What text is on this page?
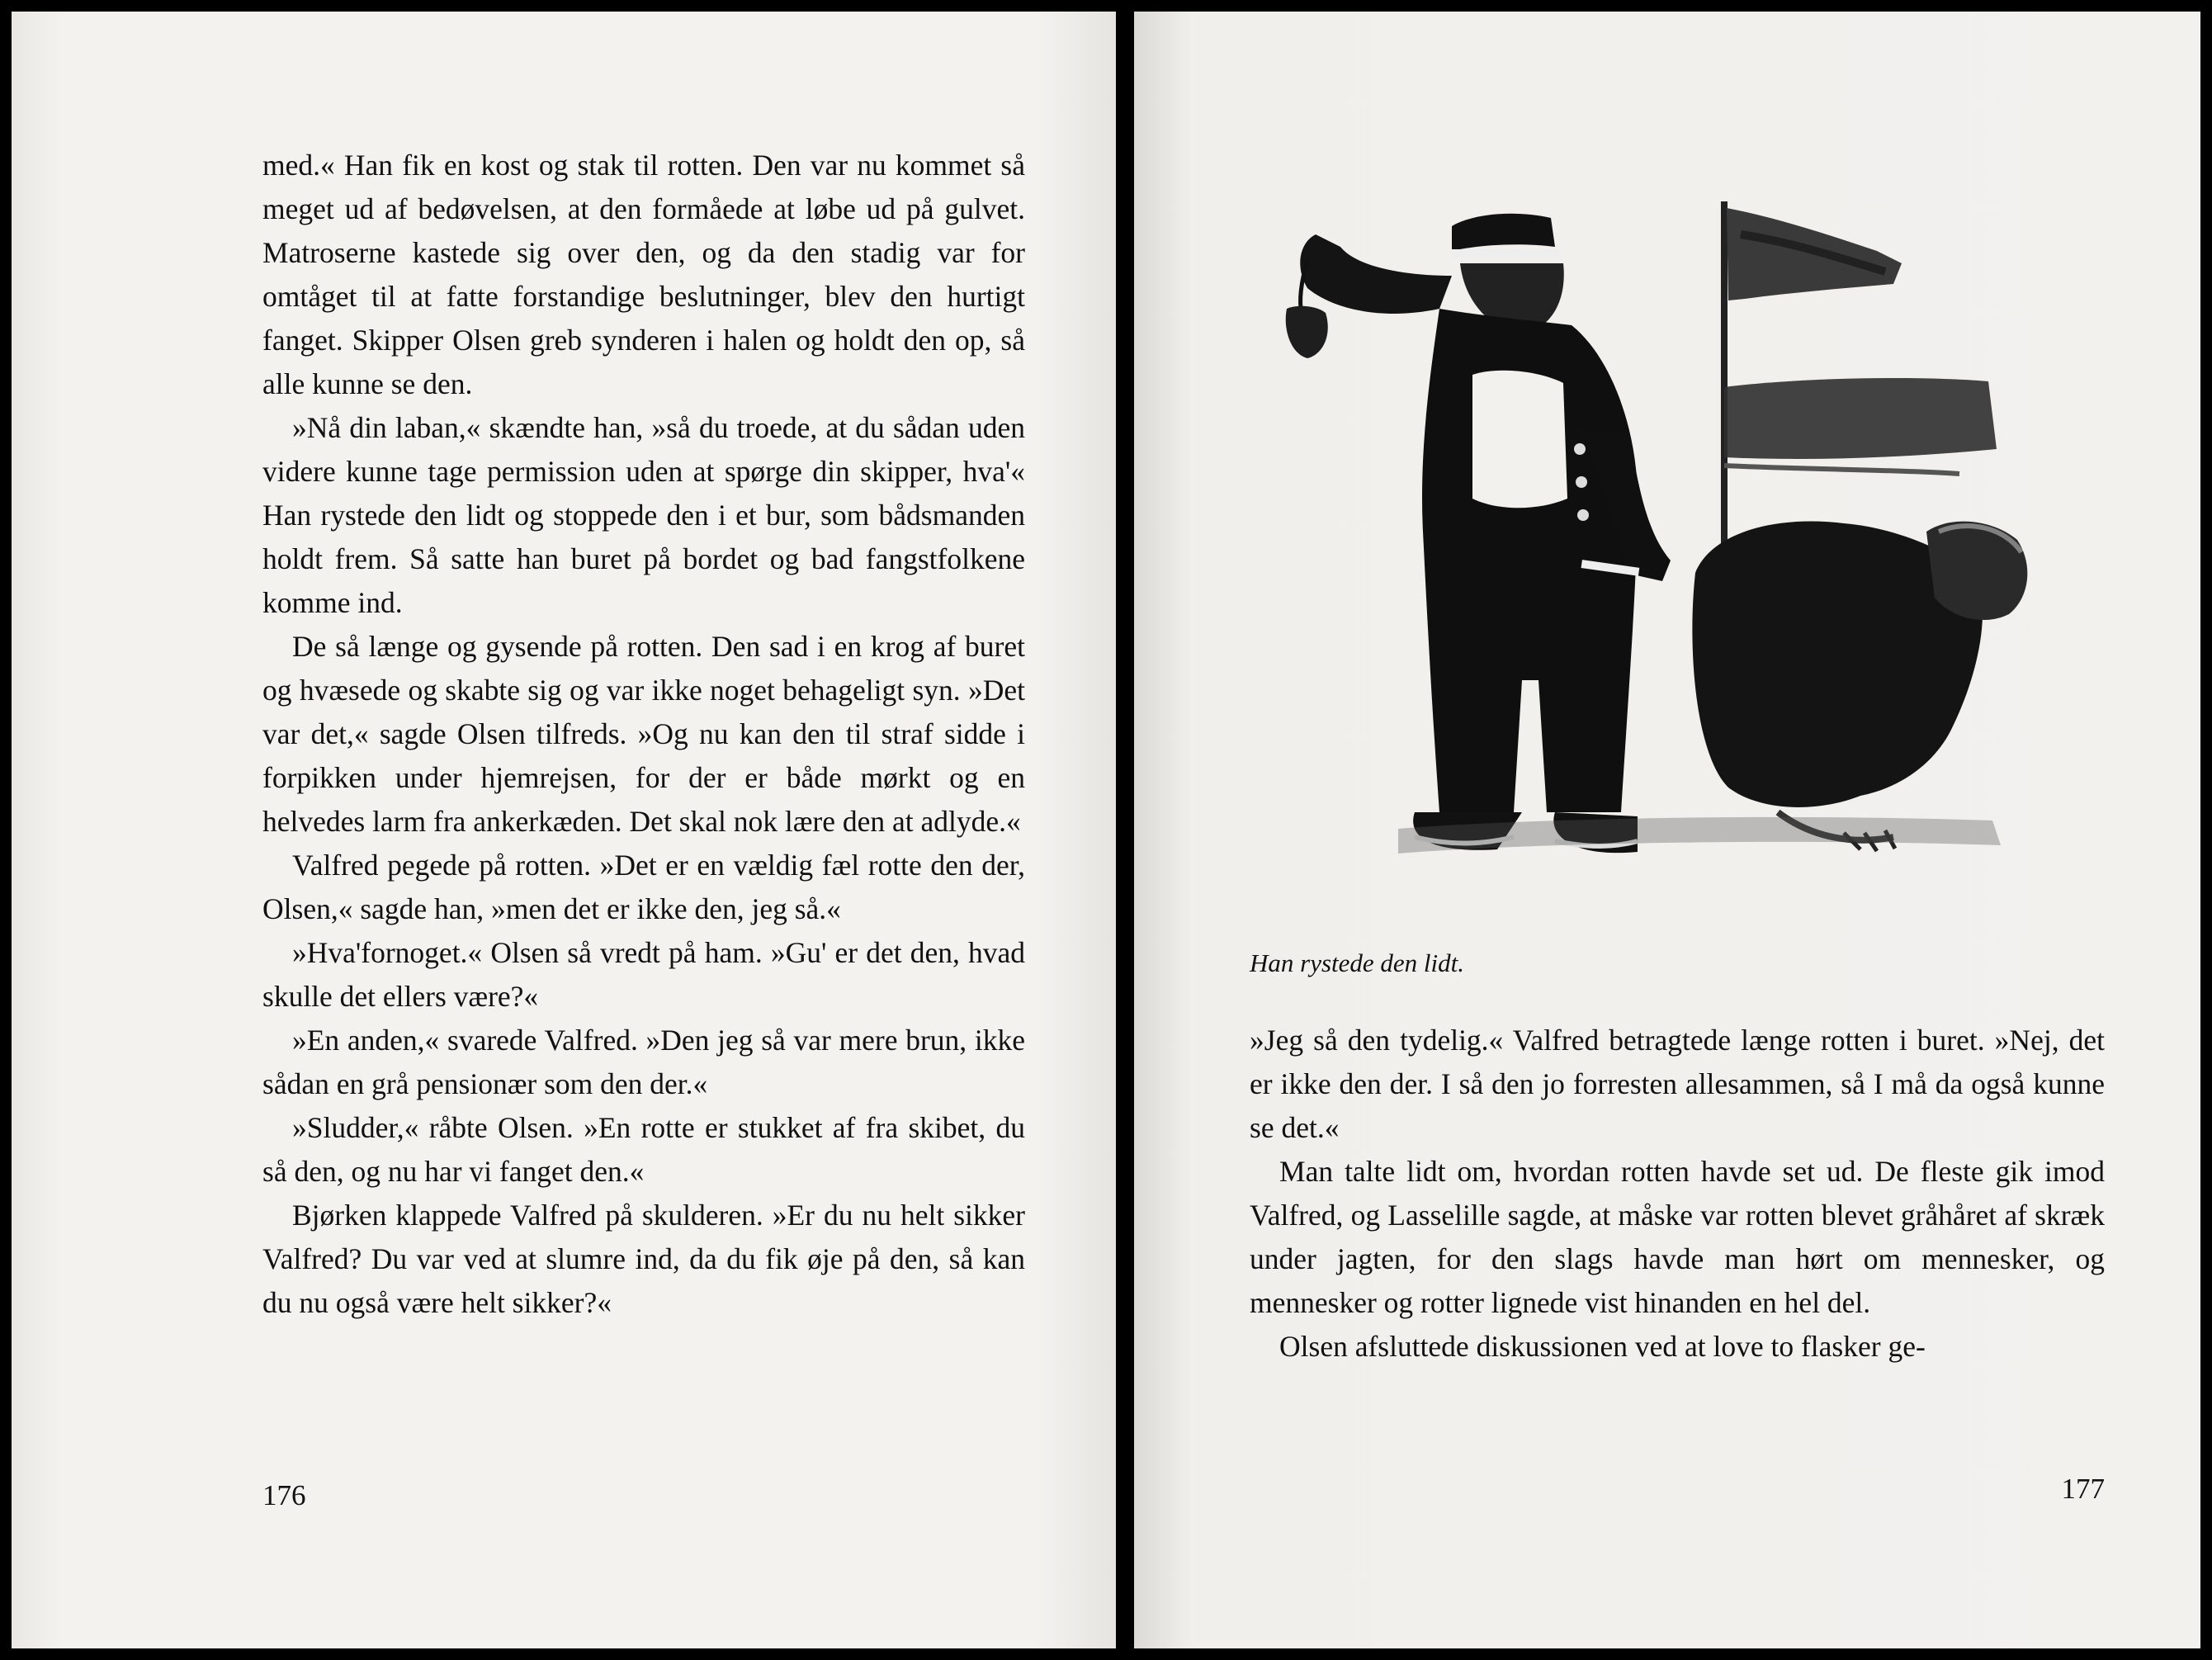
med.« Han fik en kost og stak til rotten. Den var nu kommet så meget ud af bedøvelsen, at den formåede at løbe ud på gulvet. Matroserne kastede sig over den, og da den stadig var for omtåget til at fatte forstandige beslutninger, blev den hurtigt fanget. Skipper Olsen greb synderen i halen og holdt den op, så alle kunne se den.

»Nå din laban,« skændte han, »så du troede, at du sådan uden videre kunne tage permission uden at spørge din skipper, hva'« Han rystede den lidt og stoppede den i et bur, som bådsmanden holdt frem. Så satte han buret på bordet og bad fangstfolkene komme ind.

De så længe og gysende på rotten. Den sad i en krog af buret og hvæsede og skabte sig og var ikke noget behageligt syn. »Det var det,« sagde Olsen tilfreds. »Og nu kan den til straf sidde i forpikken under hjemrejsen, for der er både mørkt og en helvedes larm fra ankerkæden. Det skal nok lære den at adlyde.«

Valfred pegede på rotten. »Det er en vældig fæl rotte den der, Olsen,« sagde han, »men det er ikke den, jeg så.«

»Hva'fornoget.« Olsen så vredt på ham. »Gu' er det den, hvad skulle det ellers være?«

»En anden,« svarede Valfred. »Den jeg så var mere brun, ikke sådan en grå pensionær som den der.«

»Sludder,« råbte Olsen. »En rotte er stukket af fra skibet, du så den, og nu har vi fanget den.«

Bjørken klappede Valfred på skulderen. »Er du nu helt sikker Valfred? Du var ved at slumre ind, da du fik øje på den, så kan du nu også være helt sikker?«

176
Han rystede den lidt.

»Jeg så den tydelig.« Valfred betragtede længe rotten i buret. »Nej, det er ikke den der. I så den jo forresten allesammen, så I må da også kunne se det.«

Man talte lidt om, hvordan rotten havde set ud. De fleste gik imod Valfred, og Lasselille sagde, at måske var rotten blevet gråhåret af skræk under jagten, for den slags havde man hørt om mennesker, og mennesker og rotter lignede vist hinanden en hel del.

Olsen afsluttede diskussionen ved at love to flasker ge-

177
